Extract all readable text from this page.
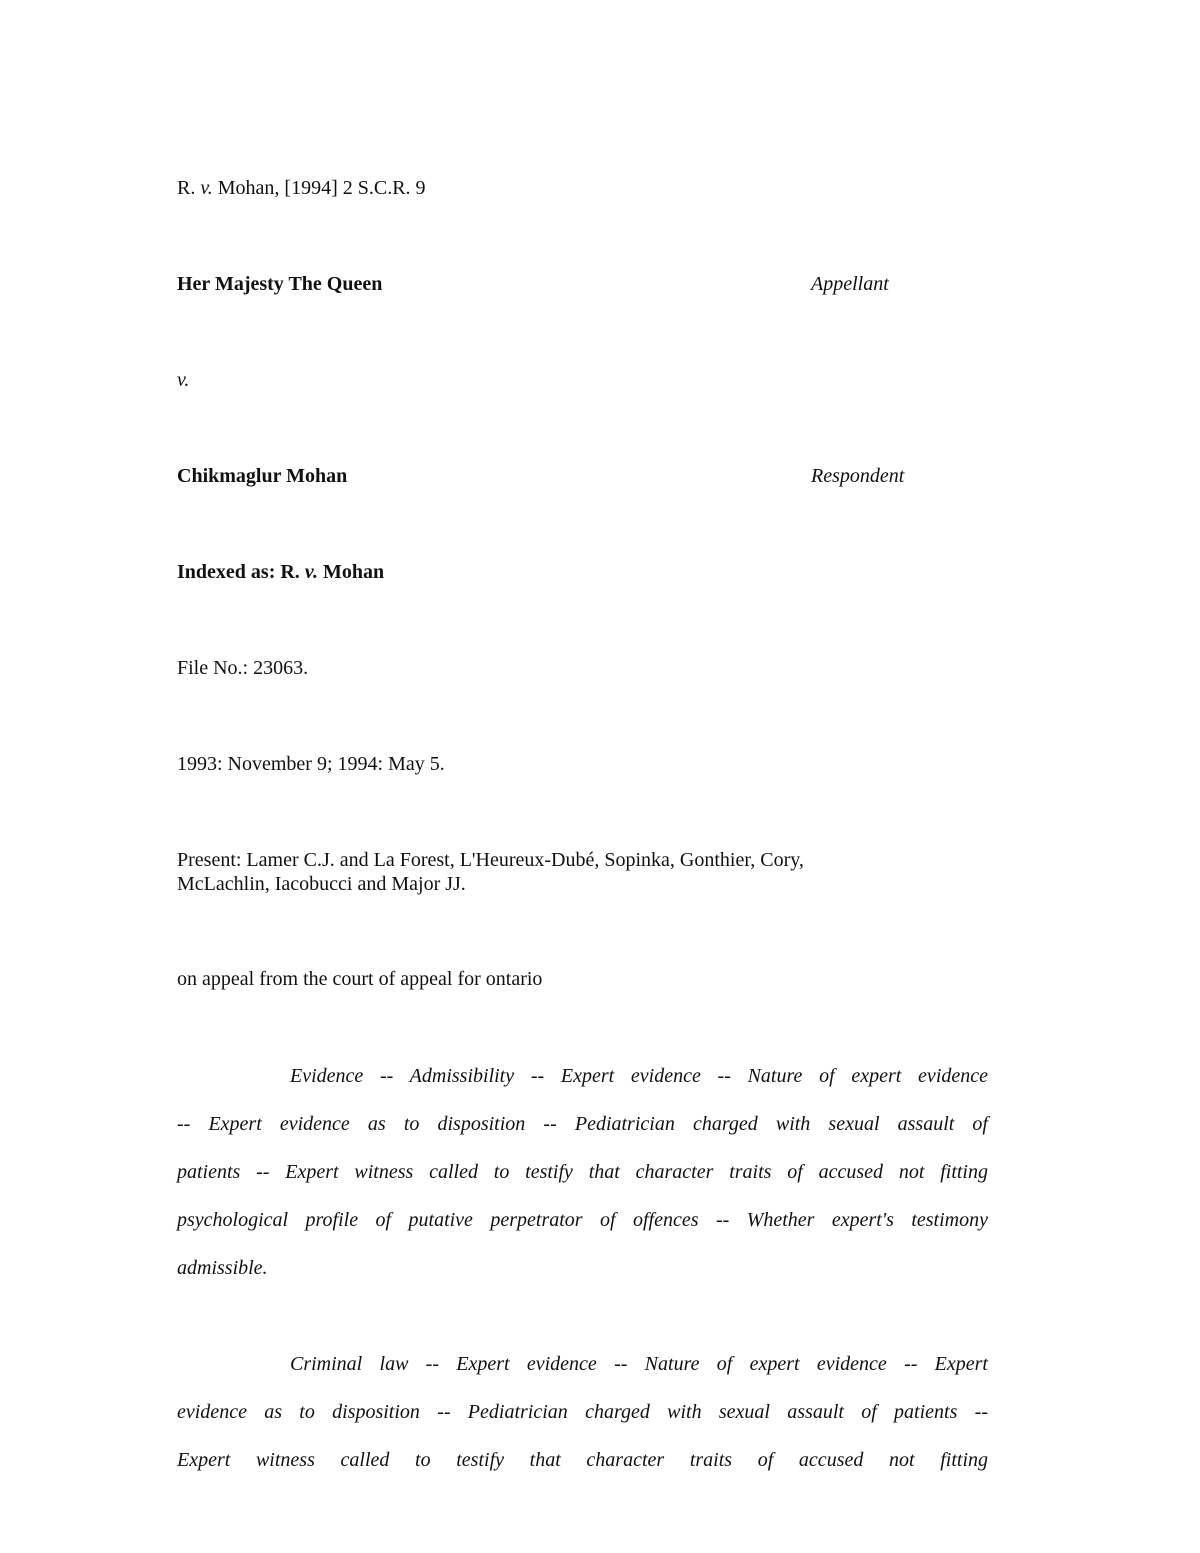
R. v. Mohan, [1994] 2 S.C.R. 9
Her Majesty The Queen	Appellant
v.
Chikmaglur Mohan	Respondent
Indexed as: R. v. Mohan
File No.: 23063.
1993: November 9; 1994: May 5.
Present: Lamer C.J. and La Forest, L'Heureux-Dubé, Sopinka, Gonthier, Cory,
McLachlin, Iacobucci and Major JJ.
on appeal from the court of appeal for ontario
Evidence -- Admissibility -- Expert evidence -- Nature of expert evidence
-- Expert evidence as to disposition -- Pediatrician charged with sexual assault of
patients -- Expert witness called to testify that character traits of accused not fitting
psychological profile of putative perpetrator of offences -- Whether expert's testimony
admissible.
Criminal law -- Expert evidence -- Nature of expert evidence -- Expert
evidence as to disposition -- Pediatrician charged with sexual assault of patients --
Expert witness called to testify that character traits of accused not fitting
